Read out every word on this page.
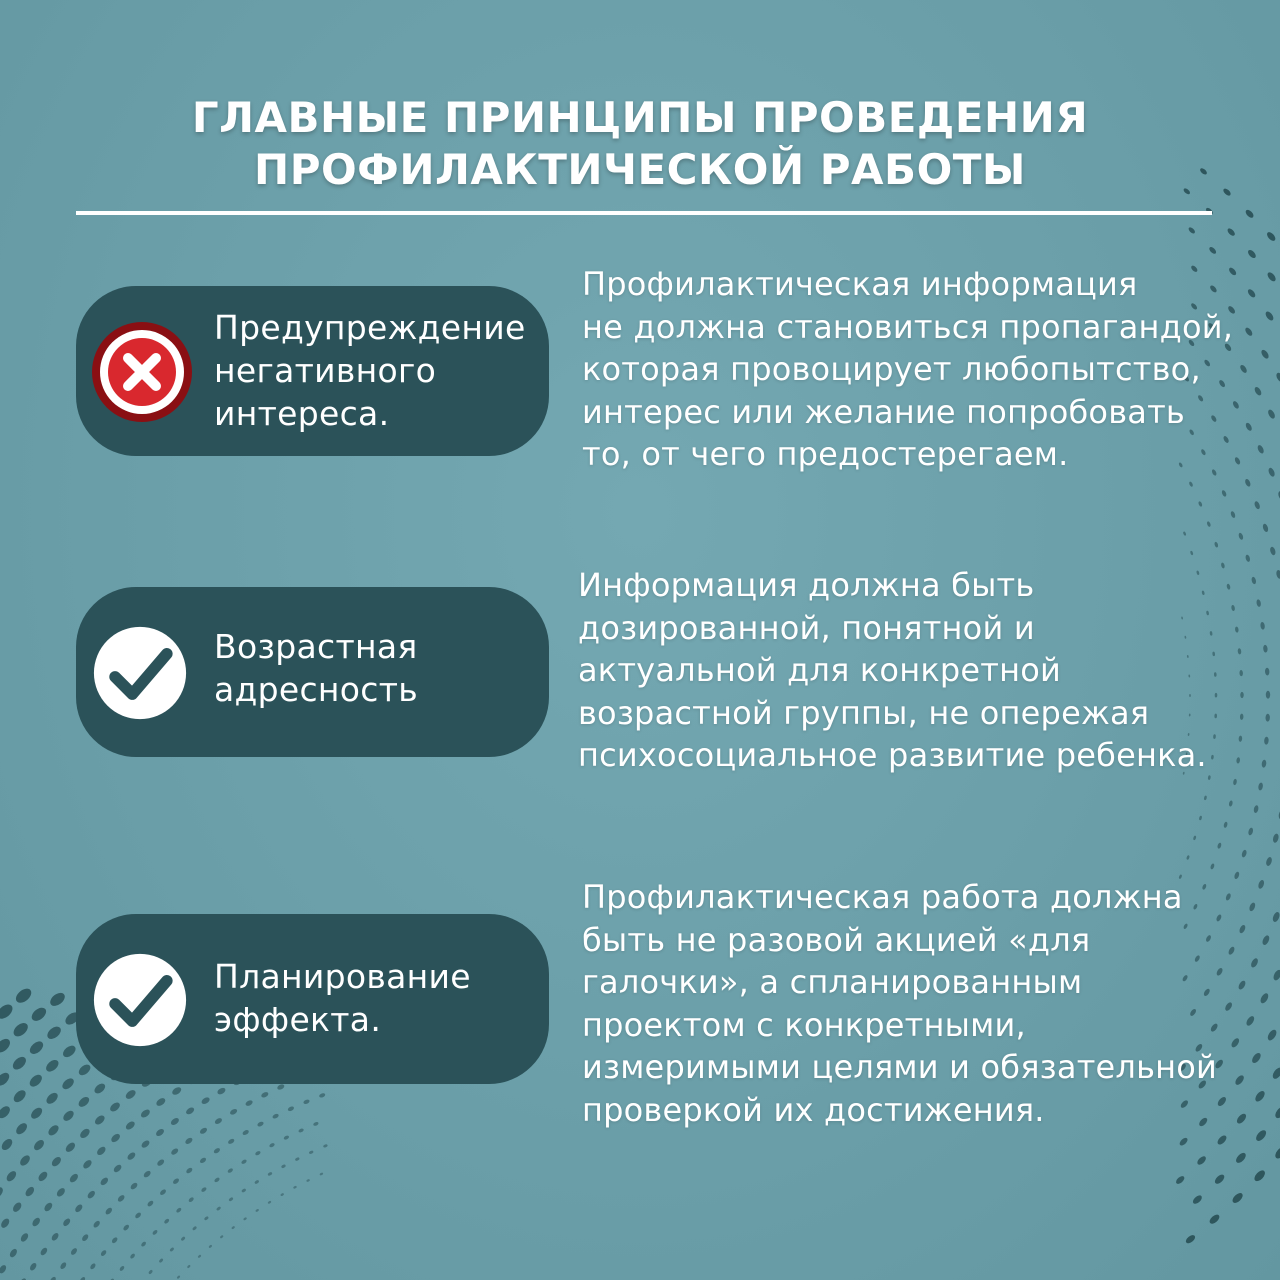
ГЛАВНЫЕ ПРИНЦИПЫ ПРОВЕДЕНИЯ
ПРОФИЛАКТИЧЕСКОЙ РАБОТЫ
Предупреждение
негативного
интереса.
Профилактическая информация
не должна становиться пропагандой,
которая провоцирует любопытство,
интерес или желание попробовать
то, от чего предостерегаем.
Возрастная
адресность
Информация должна быть
дозированной, понятной и
актуальной для конкретной
возрастной группы, не опережая
психосоциальное развитие ребенка.
Планирование
эффекта.
Профилактическая работа должна
быть не разовой акцией «для
галочки», а спланированным
проектом с конкретными,
измеримыми целями и обязательной
проверкой их достижения.
